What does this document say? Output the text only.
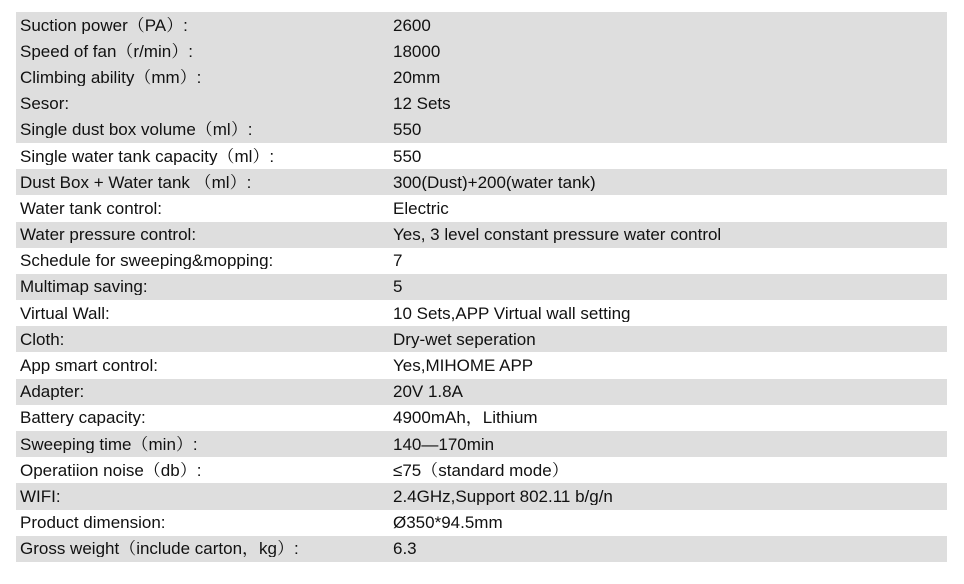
Suction power（PA）:	2600
Speed of fan（r/min）:	18000
Climbing ability（mm）:	20mm
Sesor:	12 Sets
Single dust box volume（ml）:	550
Single water tank capacity（ml）:	550
Dust Box + Water tank （ml）:	300(Dust)+200(water tank)
Water tank control:	Electric
Water pressure control:	Yes, 3 level constant pressure water control
Schedule for sweeping&mopping:	7
Multimap saving:	5
Virtual Wall:	10 Sets,APP Virtual wall setting
Cloth:	Dry-wet seperation
App smart control:	Yes,MIHOME APP
Adapter:	20V 1.8A
Battery capacity:	4900mAh，Lithium
Sweeping time（min）:	140—170min
Operatiion noise（db）:	≤75（standard mode）
WIFI:	2.4GHz,Support 802.11 b/g/n
Product dimension:	Ø350*94.5mm
Gross weight（include carton，kg）:	6.3
